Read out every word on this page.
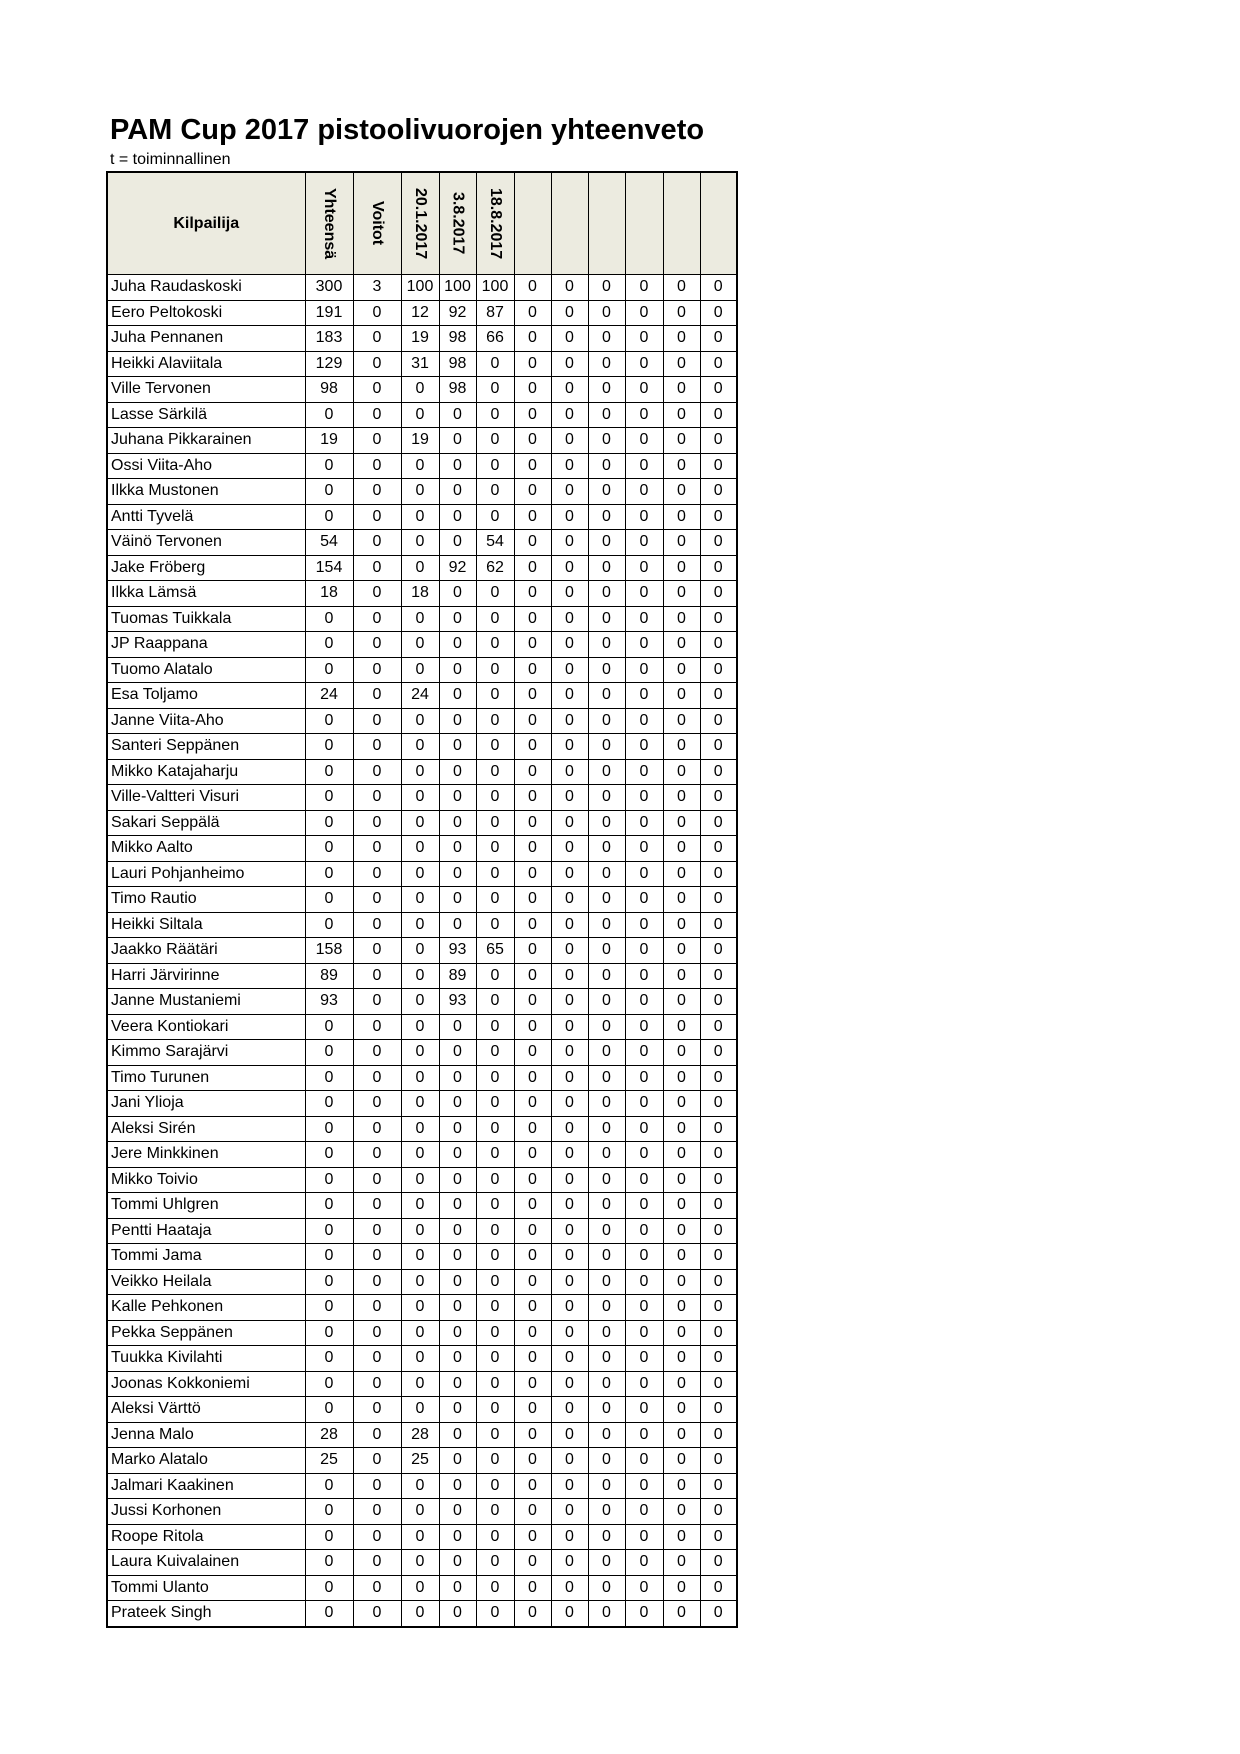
PAM Cup 2017 pistoolivuorojen yhteenveto
t = toiminnallinen
Kilpailija	Yhteensä	Voitot	20.1.2017	3.8.2017	18.8.2017						

Juha Raudaskoski	300	3	100	100	100	0	0	0	0	0	0
Eero Peltokoski	191	0	12	92	87	0	0	0	0	0	0
Juha Pennanen	183	0	19	98	66	0	0	0	0	0	0
Heikki Alaviitala	129	0	31	98	0	0	0	0	0	0	0
Ville Tervonen	98	0	0	98	0	0	0	0	0	0	0
Lasse Särkilä	0	0	0	0	0	0	0	0	0	0	0
Juhana Pikkarainen	19	0	19	0	0	0	0	0	0	0	0
Ossi Viita-Aho	0	0	0	0	0	0	0	0	0	0	0
Ilkka Mustonen	0	0	0	0	0	0	0	0	0	0	0
Antti Tyvelä	0	0	0	0	0	0	0	0	0	0	0
Väinö Tervonen	54	0	0	0	54	0	0	0	0	0	0
Jake Fröberg	154	0	0	92	62	0	0	0	0	0	0
Ilkka Lämsä	18	0	18	0	0	0	0	0	0	0	0
Tuomas Tuikkala	0	0	0	0	0	0	0	0	0	0	0
JP Raappana	0	0	0	0	0	0	0	0	0	0	0
Tuomo Alatalo	0	0	0	0	0	0	0	0	0	0	0
Esa Toljamo	24	0	24	0	0	0	0	0	0	0	0
Janne Viita-Aho	0	0	0	0	0	0	0	0	0	0	0
Santeri Seppänen	0	0	0	0	0	0	0	0	0	0	0
Mikko Katajaharju	0	0	0	0	0	0	0	0	0	0	0
Ville-Valtteri Visuri	0	0	0	0	0	0	0	0	0	0	0
Sakari Seppälä	0	0	0	0	0	0	0	0	0	0	0
Mikko Aalto	0	0	0	0	0	0	0	0	0	0	0
Lauri Pohjanheimo	0	0	0	0	0	0	0	0	0	0	0
Timo Rautio	0	0	0	0	0	0	0	0	0	0	0
Heikki Siltala	0	0	0	0	0	0	0	0	0	0	0
Jaakko Räätäri	158	0	0	93	65	0	0	0	0	0	0
Harri Järvirinne	89	0	0	89	0	0	0	0	0	0	0
Janne Mustaniemi	93	0	0	93	0	0	0	0	0	0	0
Veera Kontiokari	0	0	0	0	0	0	0	0	0	0	0
Kimmo Sarajärvi	0	0	0	0	0	0	0	0	0	0	0
Timo Turunen	0	0	0	0	0	0	0	0	0	0	0
Jani Ylioja	0	0	0	0	0	0	0	0	0	0	0
Aleksi Sirén	0	0	0	0	0	0	0	0	0	0	0
Jere Minkkinen	0	0	0	0	0	0	0	0	0	0	0
Mikko Toivio	0	0	0	0	0	0	0	0	0	0	0
Tommi Uhlgren	0	0	0	0	0	0	0	0	0	0	0
Pentti Haataja	0	0	0	0	0	0	0	0	0	0	0
Tommi Jama	0	0	0	0	0	0	0	0	0	0	0
Veikko Heilala	0	0	0	0	0	0	0	0	0	0	0
Kalle Pehkonen	0	0	0	0	0	0	0	0	0	0	0
Pekka Seppänen	0	0	0	0	0	0	0	0	0	0	0
Tuukka Kivilahti	0	0	0	0	0	0	0	0	0	0	0
Joonas Kokkoniemi	0	0	0	0	0	0	0	0	0	0	0
Aleksi Värttö	0	0	0	0	0	0	0	0	0	0	0
Jenna Malo	28	0	28	0	0	0	0	0	0	0	0
Marko Alatalo	25	0	25	0	0	0	0	0	0	0	0
Jalmari Kaakinen	0	0	0	0	0	0	0	0	0	0	0
Jussi Korhonen	0	0	0	0	0	0	0	0	0	0	0
Roope Ritola	0	0	0	0	0	0	0	0	0	0	0
Laura Kuivalainen	0	0	0	0	0	0	0	0	0	0	0
Tommi Ulanto	0	0	0	0	0	0	0	0	0	0	0
Prateek Singh	0	0	0	0	0	0	0	0	0	0	0
